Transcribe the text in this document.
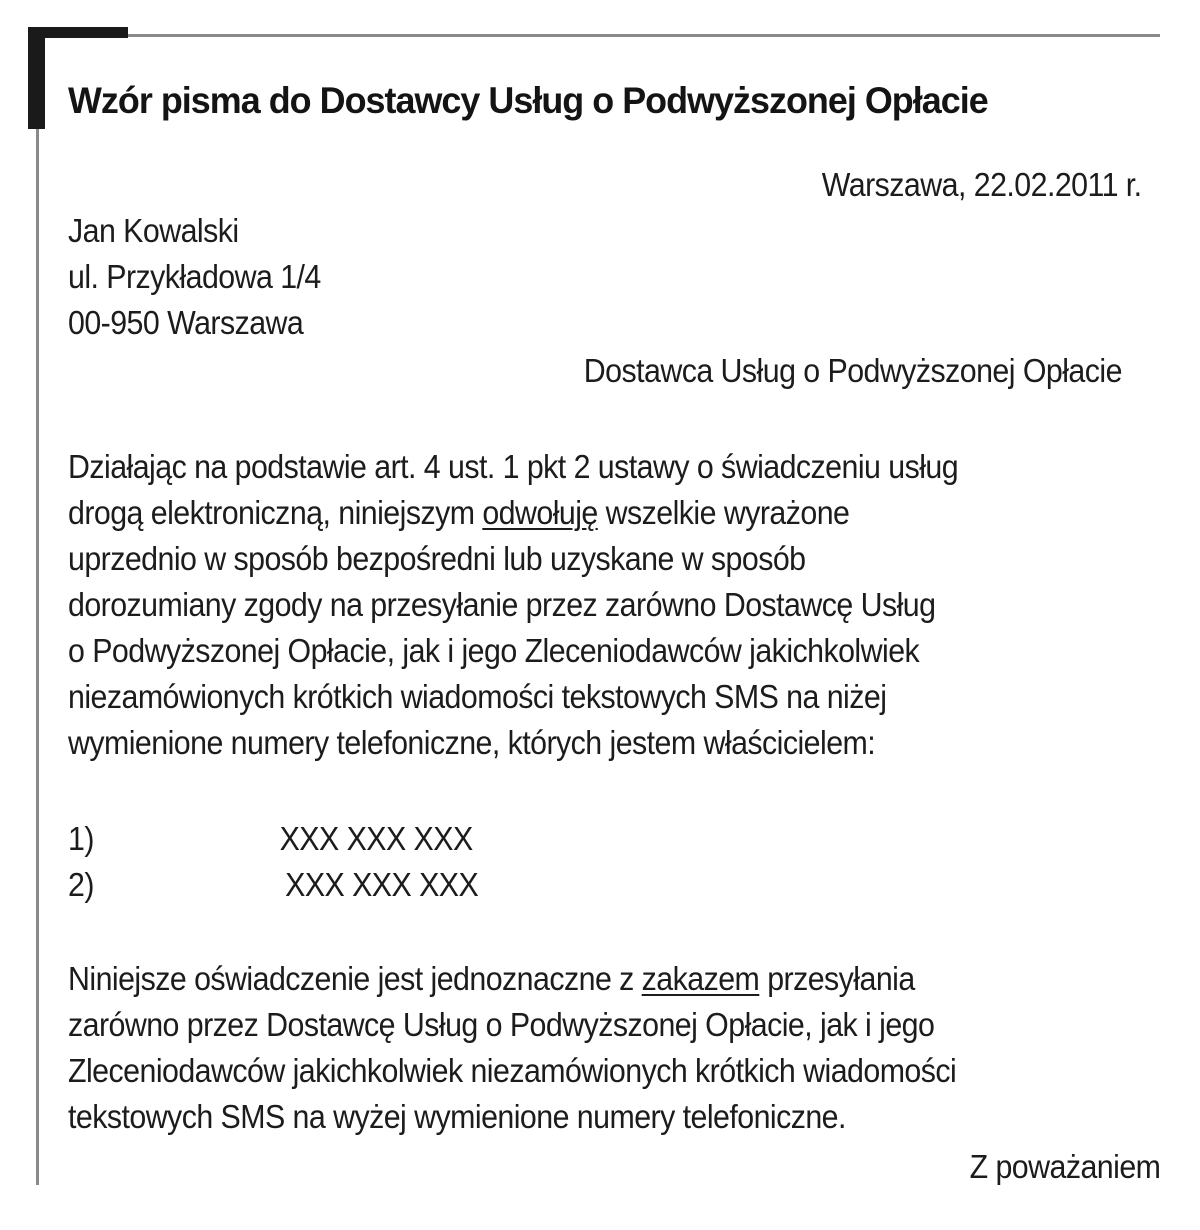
Wzór pisma do Dostawcy Usług o Podwyższonej Opłacie
Warszawa, 22.02.2011 r.
Jan Kowalski
ul. Przykładowa 1/4
00-950 Warszawa
Dostawca Usług o Podwyższonej Opłacie
Działając na podstawie art. 4 ust. 1 pkt 2 ustawy o świadczeniu usług
drogą elektroniczną, niniejszym odwołuję wszelkie wyrażone
uprzednio w sposób bezpośredni lub uzyskane w sposób
dorozumiany zgody na przesyłanie przez zarówno Dostawcę Usług
o Podwyższonej Opłacie, jak i jego Zleceniodawców jakichkolwiek
niezamówionych krótkich wiadomości tekstowych SMS na niżej
wymienione numery telefoniczne, których jestem właścicielem:
1)	XXX XXX XXX
2)	XXX XXX XXX
Niniejsze oświadczenie jest jednoznaczne z zakazem przesyłania
zarówno przez Dostawcę Usług o Podwyższonej Opłacie, jak i jego
Zleceniodawców jakichkolwiek niezamówionych krótkich wiadomości
tekstowych SMS na wyżej wymienione numery telefoniczne.
Z poważaniem
